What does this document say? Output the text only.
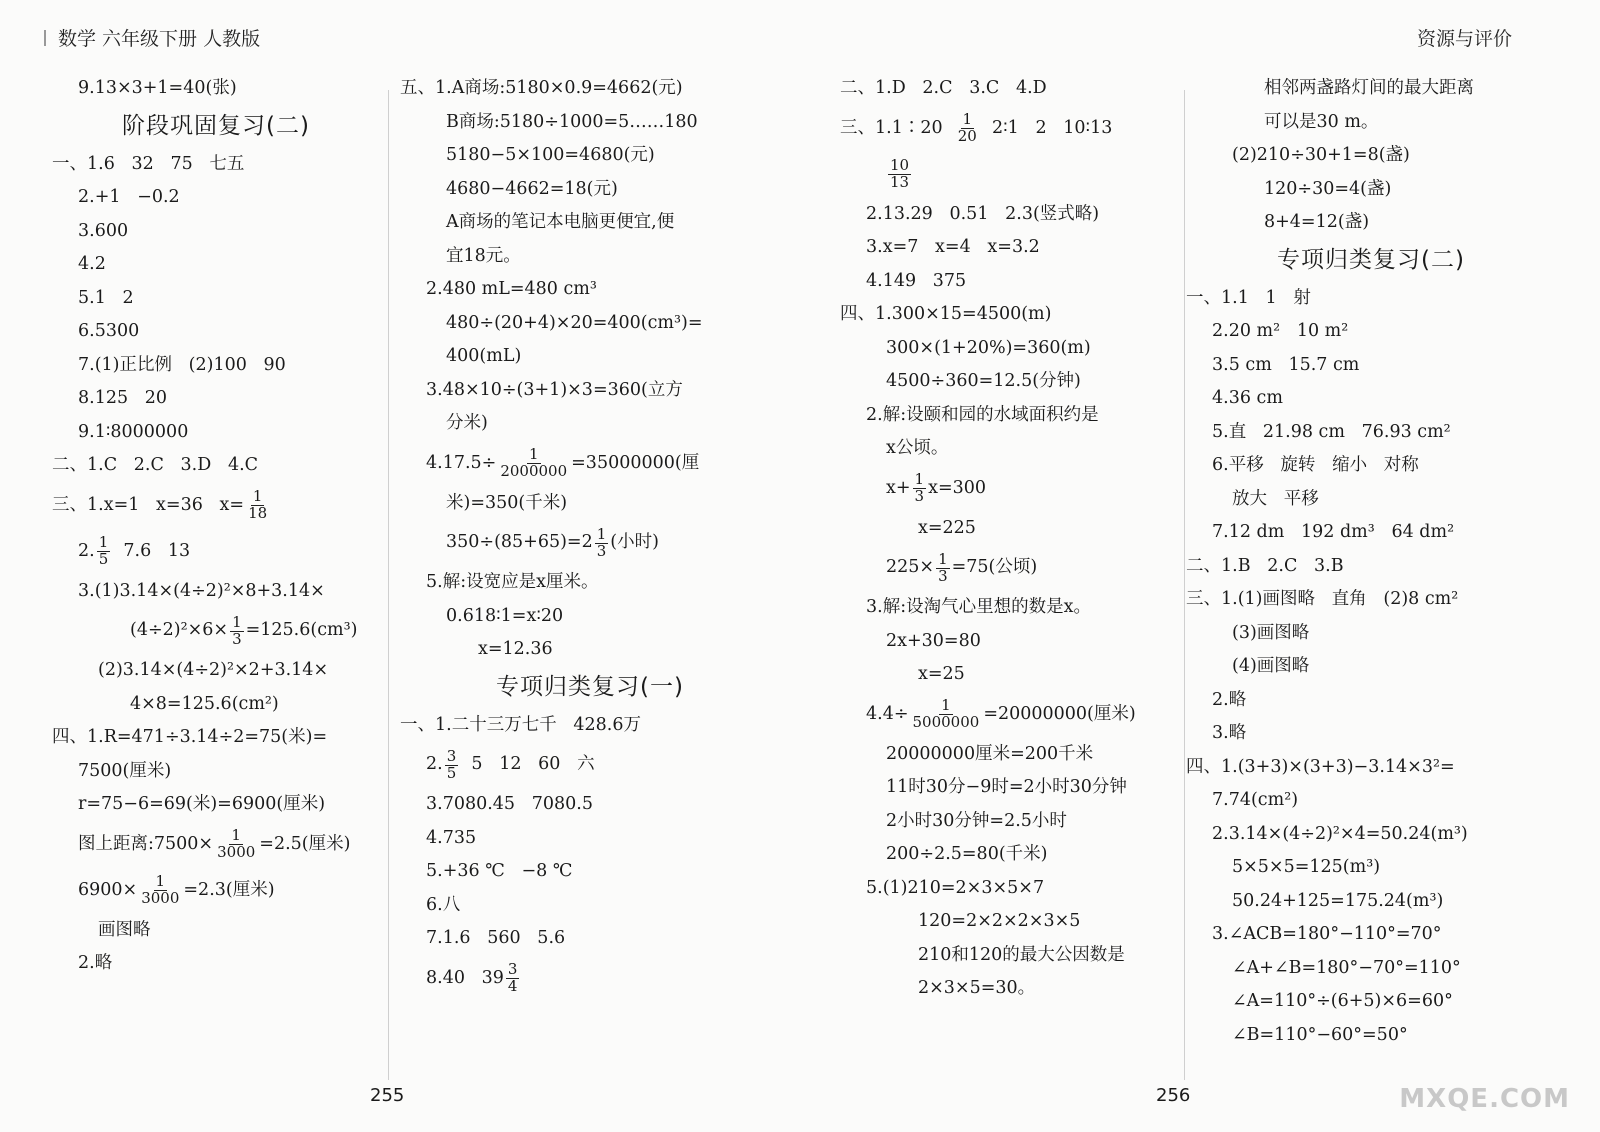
数学 六年级下册 人教版	资源与评价
9.13×3+1=40(张)
阶段巩固复习(二)
一、1.6   32   75   七五
2.+1   −0.2
3.600
4.2
5.1   2
6.5300
7.(1)正比例   (2)100   90
8.125   20
9.1∶8000000
二、1.C   2.C   3.D   4.C
三、1.x=1   x=36   $x= \frac{1}{18}$
2. $\frac{1}{5} 7.6$   13
3.(1)3.14×(4÷2)²×8+3.14×
$(4\div 2)^2\times 6\times \frac{1}{3} =125.6(cm^3)$
(2)3.14×(4÷2)²×2+3.14×
4×8=125.6(cm²)
四、1.R=471÷3.14÷2=75(米)=
7500(厘米)
r=75−6=69(米)=6900(厘米)
图上距离:7500× $\frac{1}{3000} =2.5$(厘米)
$6900\times \frac{1}{3000} =2.3$(厘米)
画图略
2.略
五、1.A商场:5180×0.9=4662(元)
B商场:5180÷1000=5……180
5180−5×100=4680(元)
4680−4662=18(元)
A商场的笔记本电脑更便宜,便
宜18元。
2.480 mL=480 cm³
480÷(20+4)×20=400(cm³)=
400(mL)
3.48×10÷(3+1)×3=360(立方
分米)
$4.17.5\div \frac{1}{2000000} =35000000$(厘
米)=350(千米)
$350\div(85+65)=2 \frac{1}{3}$ (小时)
5.解:设宽应是x厘米。
0.618∶1=x∶20
x=12.36
专项归类复习(一)
一、1.二十三万七千   428.6万
2. $\frac{3}{5} 5$   12   60   六
3.7080.45   7080.5
4.735
5.+36 ℃   −8 ℃
6.八
7.1.6   560   5.6
8.40   $39 \frac{3}{4}$
255
二、1.D   2.C   3.C   4.D
三、1.1∶20 $\frac{1}{20}$ 2∶1   2   10∶13
$\frac{10}{13}$
2.13.29   0.51   2.3(竖式略)
3.x=7   x=4   x=3.2
4.149   375
四、1.300×15=4500(m)
300×(1+20%)=360(m)
4500÷360=12.5(分钟)
2.解:设颐和园的水域面积约是
x公顷。
$x+ \frac{1}{3} x=300$
x=225
$225\times \frac{1}{3} =75$(公顷)
3.解:设淘气心里想的数是x。
2x+30=80
x=25
$4.4\div \frac{1}{5000000} =20000000$(厘米)
20000000厘米=200千米
11时30分−9时=2小时30分钟
2小时30分钟=2.5小时
200÷2.5=80(千米)
5.(1)210=2×3×5×7
120=2×2×2×3×5
210和120的最大公因数是
2×3×5=30。
相邻两盏路灯间的最大距离
可以是30 m。
(2)210÷30+1=8(盏)
120÷30=4(盏)
8+4=12(盏)
专项归类复习(二)
一、1.1   1   射
2.20 m²   10 m²
3.5 cm   15.7 cm
4.36 cm
5.直   21.98 cm   76.93 cm²
6.平移   旋转   缩小   对称
放大   平移
7.12 dm   192 dm³   64 dm²
二、1.B   2.C   3.B
三、1.(1)画图略   直角   (2)8 cm²
(3)画图略
(4)画图略
2.略
3.略
四、1.(3+3)×(3+3)−3.14×3²=
7.74(cm²)
2.3.14×(4÷2)²×4=50.24(m³)
5×5×5=125(m³)
50.24+125=175.24(m³)
3.∠ACB=180°−110°=70°
∠A+∠B=180°−70°=110°
∠A=110°÷(6+5)×6=60°
∠B=110°−60°=50°
256	MXQE.COM
